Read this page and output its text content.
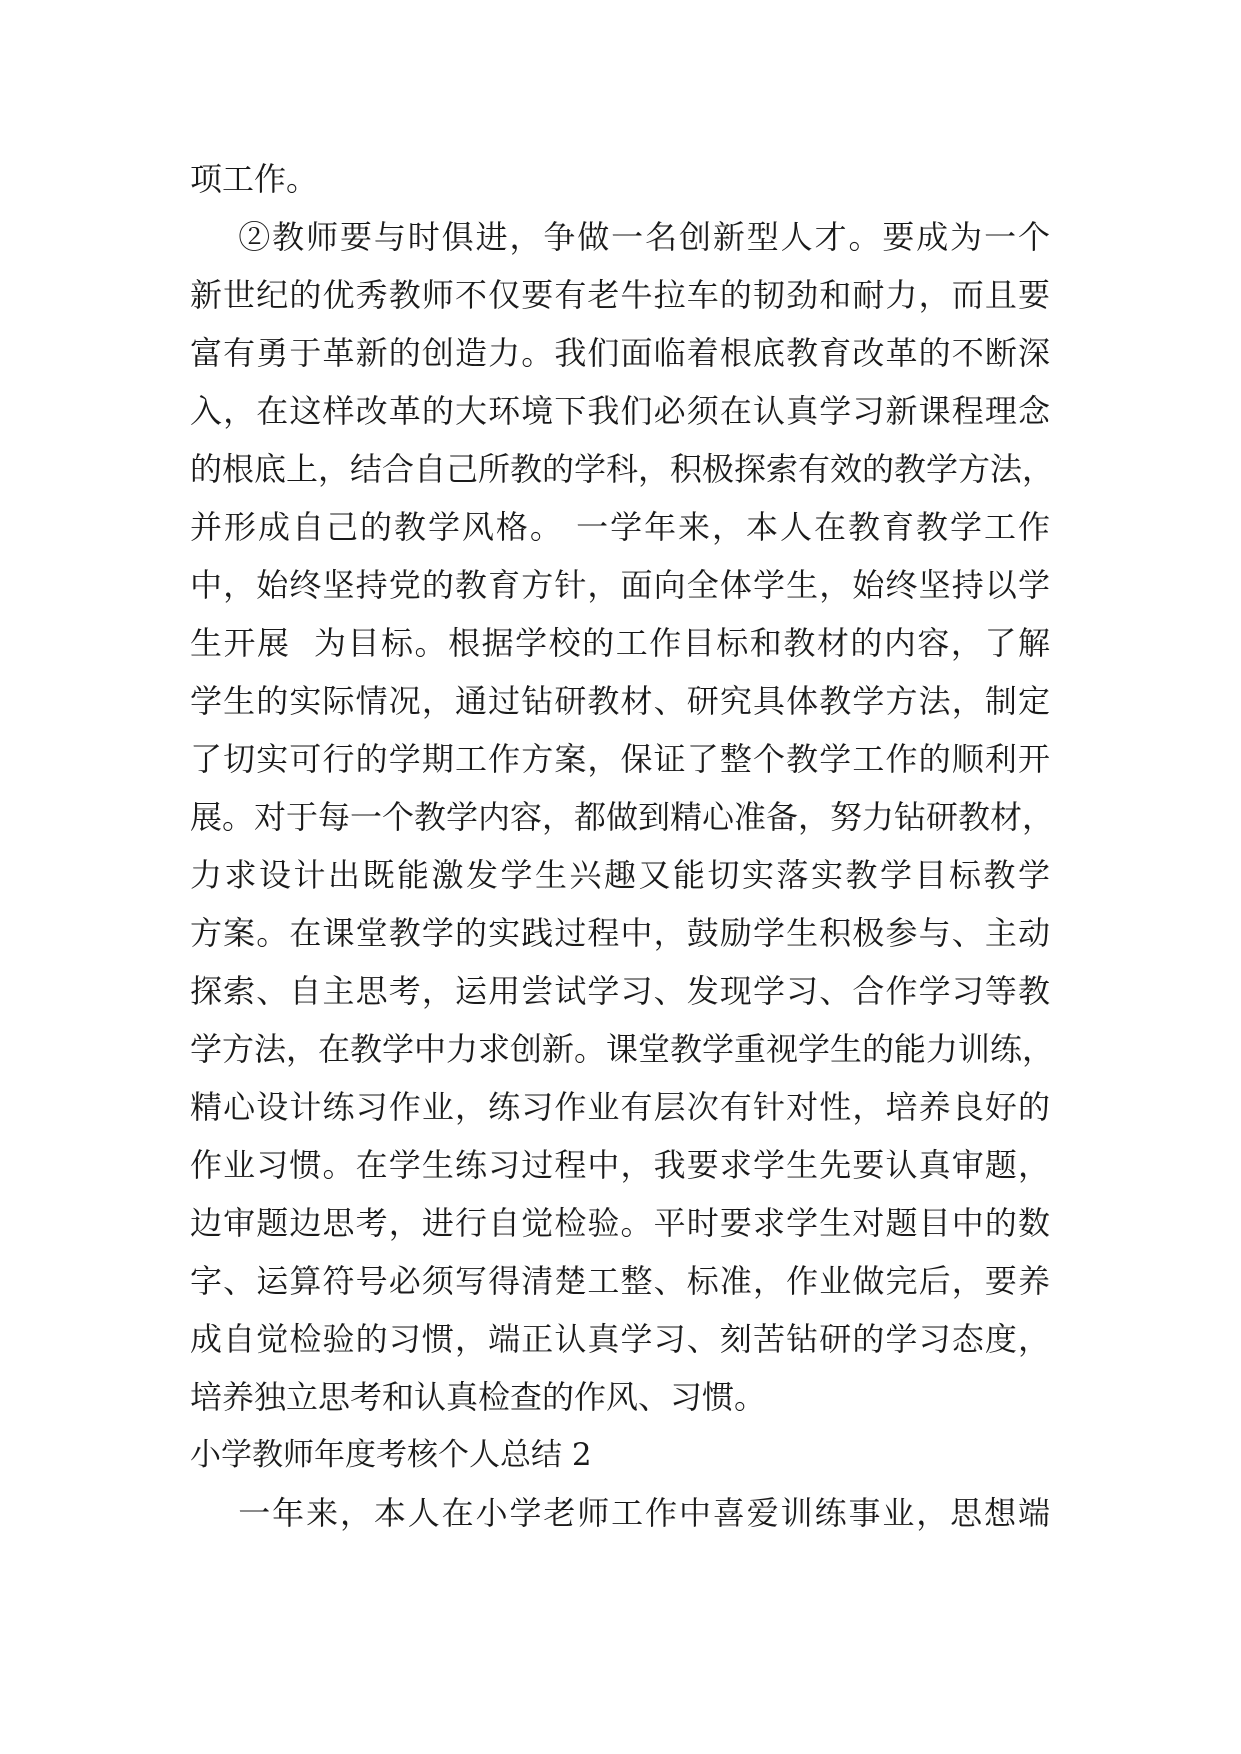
项工作。
②教师要与时俱进，争做一名创新型人才。要成为一个
新世纪的优秀教师不仅要有老牛拉车的韧劲和耐力，而且要
富有勇于革新的创造力。我们面临着根底教育改革的不断深
入，在这样改革的大环境下我们必须在认真学习新课程理念
的根底上，结合自己所教的学科，积极探索有效的教学方法，
并形成自己的教学风格。 一学年来，本人在教育教学工作
中，始终坚持党的教育方针，面向全体学生，始终坚持以学
生开展  为目标。根据学校的工作目标和教材的内容，了解
学生的实际情况，通过钻研教材、研究具体教学方法，制定
了切实可行的学期工作方案，保证了整个教学工作的顺利开
展。对于每一个教学内容，都做到精心准备，努力钻研教材，
力求设计出既能激发学生兴趣又能切实落实教学目标教学
方案。在课堂教学的实践过程中，鼓励学生积极参与、主动
探索、自主思考，运用尝试学习、发现学习、合作学习等教
学方法，在教学中力求创新。课堂教学重视学生的能力训练，
精心设计练习作业，练习作业有层次有针对性，培养良好的
作业习惯。在学生练习过程中，我要求学生先要认真审题，
边审题边思考，进行自觉检验。平时要求学生对题目中的数
字、运算符号必须写得清楚工整、标准，作业做完后，要养
成自觉检验的习惯，端正认真学习、刻苦钻研的学习态度，
培养独立思考和认真检查的作风、习惯。
小学教师年度考核个人总结 2
一年来，本人在小学老师工作中喜爱训练事业，思想端
